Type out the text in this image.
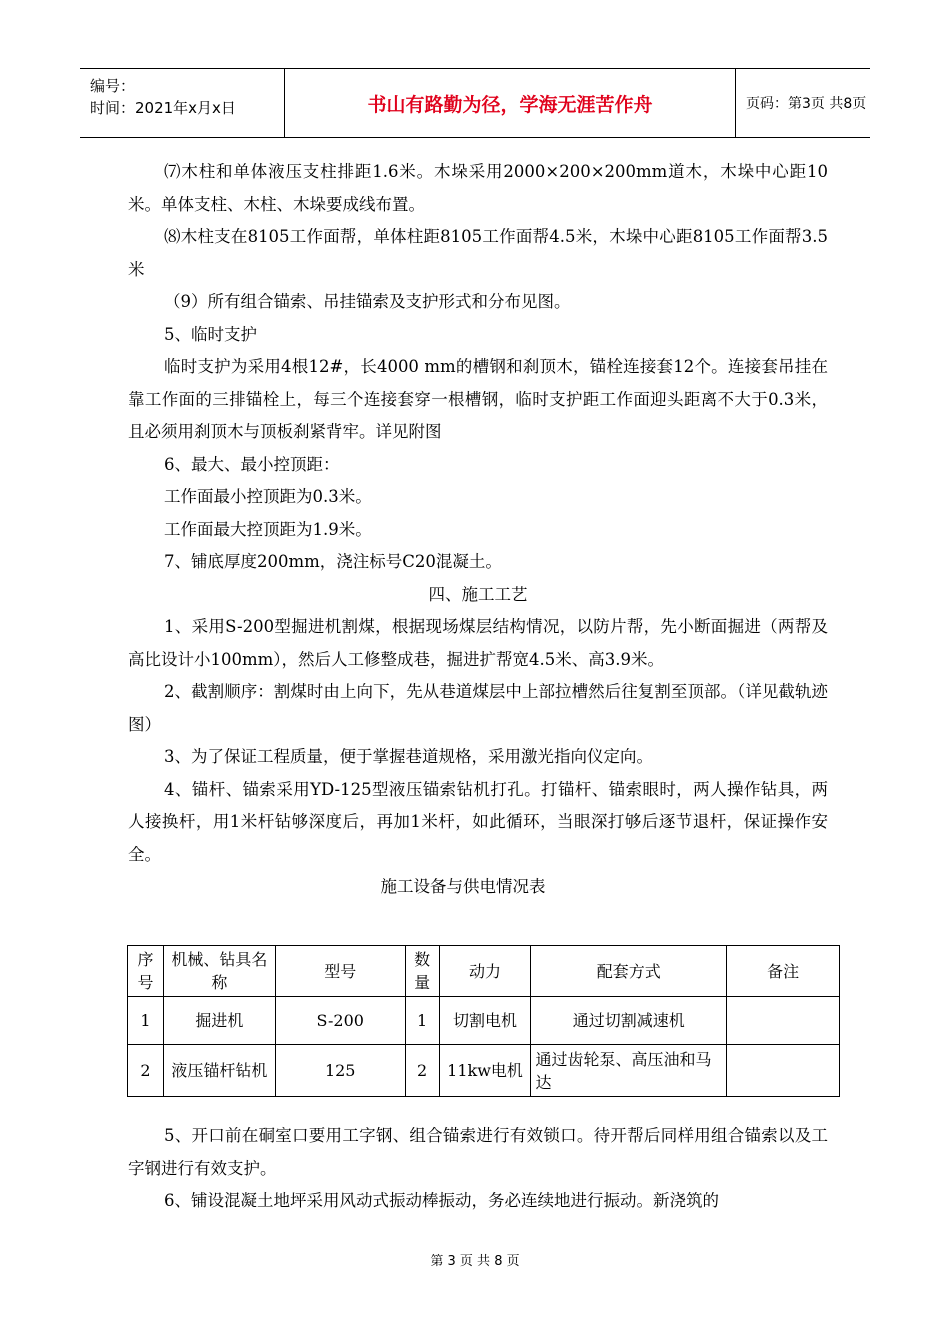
编号：
时间：2021年x月x日	书山有路勤为径，学海无涯苦作舟	页码：第3页 共8页

⑺木柱和单体液压支柱排距1.6米。木垛采用2000×200×200mm道木，木垛中心距10米。单体支柱、木柱、木垛要成线布置。

⑻木柱支在8105工作面帮，单体柱距8105工作面帮4.5米，木垛中心距8105工作面帮3.5米

（9）所有组合锚索、吊挂锚索及支护形式和分布见图。

5、临时支护

临时支护为采用4根12#，长4000 mm的槽钢和刹顶木，锚栓连接套12个。连接套吊挂在靠工作面的三排锚栓上，每三个连接套穿一根槽钢，临时支护距工作面迎头距离不大于0.3米，且必须用刹顶木与顶板刹紧背牢。详见附图

6、最大、最小控顶距：

工作面最小控顶距为0.3米。

工作面最大控顶距为1.9米。

7、铺底厚度200mm，浇注标号C20混凝土。

四、施工工艺

1、采用S-200型掘进机割煤，根据现场煤层结构情况，以防片帮，先小断面掘进（两帮及高比设计小100mm），然后人工修整成巷，掘进扩帮宽4.5米、高3.9米。

2、截割顺序：割煤时由上向下，先从巷道煤层中上部拉槽然后往复割至顶部。（详见截轨迹图）

3、为了保证工程质量，便于掌握巷道规格，采用激光指向仪定向。

4、锚杆、锚索采用YD-125型液压锚索钻机打孔。打锚杆、锚索眼时，两人操作钻具，两人接换杆，用1米杆钻够深度后，再加1米杆，如此循环，当眼深打够后逐节退杆，保证操作安全。

施工设备与供电情况表

序号	机械、钻具名称	型号	数量	动力	配套方式	备注
1	掘进机	S-200	1	切割电机	通过切割减速机	
2	液压锚杆钻机	125	2	11kw电机	通过齿轮泵、高压油和马达	

5、开口前在硐室口要用工字钢、组合锚索进行有效锁口。待开帮后同样用组合锚索以及工字钢进行有效支护。

6、铺设混凝土地坪采用风动式振动棒振动，务必连续地进行振动。新浇筑的

第 3 页 共 8 页
